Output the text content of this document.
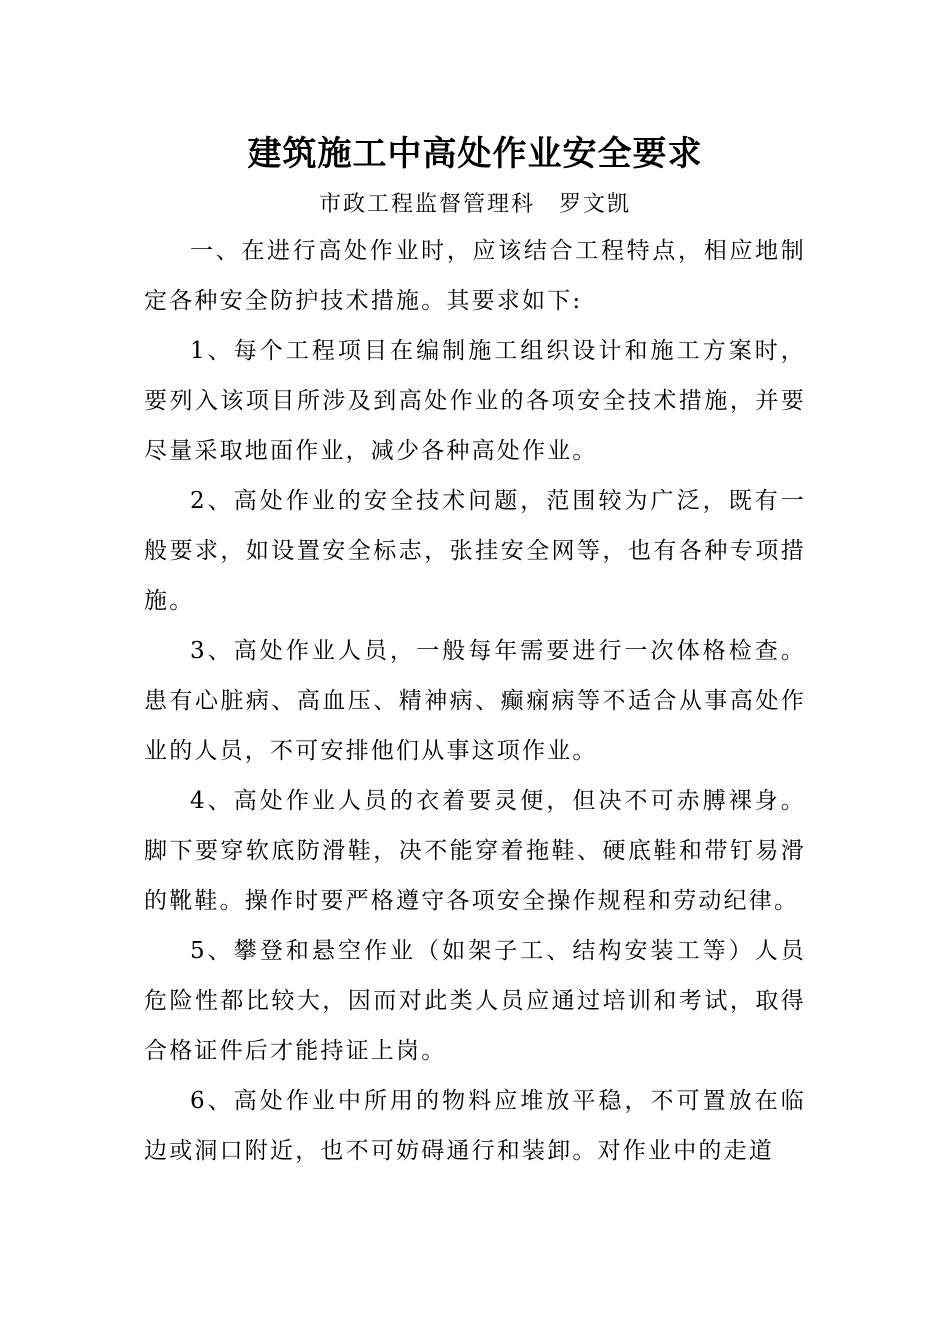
建筑施工中高处作业安全要求
市政工程监督管理科　罗文凯

一、在进行高处作业时，应该结合工程特点，相应地制定各种安全防护技术措施。其要求如下:

1、每个工程项目在编制施工组织设计和施工方案时，要列入该项目所涉及到高处作业的各项安全技术措施，并要尽量采取地面作业，减少各种高处作业。

2、高处作业的安全技术问题，范围较为广泛，既有一般要求，如设置安全标志，张挂安全网等，也有各种专项措施。

3、高处作业人员，一般每年需要进行一次体格检查。患有心脏病、高血压、精神病、癫痫病等不适合从事高处作业的人员，不可安排他们从事这项作业。

4、高处作业人员的衣着要灵便，但决不可赤膊裸身。脚下要穿软底防滑鞋，决不能穿着拖鞋、硬底鞋和带钉易滑的靴鞋。操作时要严格遵守各项安全操作规程和劳动纪律。

5、攀登和悬空作业（如架子工、结构安装工等）人员危险性都比较大，因而对此类人员应通过培训和考试，取得合格证件后才能持证上岗。

6、高处作业中所用的物料应堆放平稳，不可置放在临边或洞口附近，也不可妨碍通行和装卸。对作业中的走道
